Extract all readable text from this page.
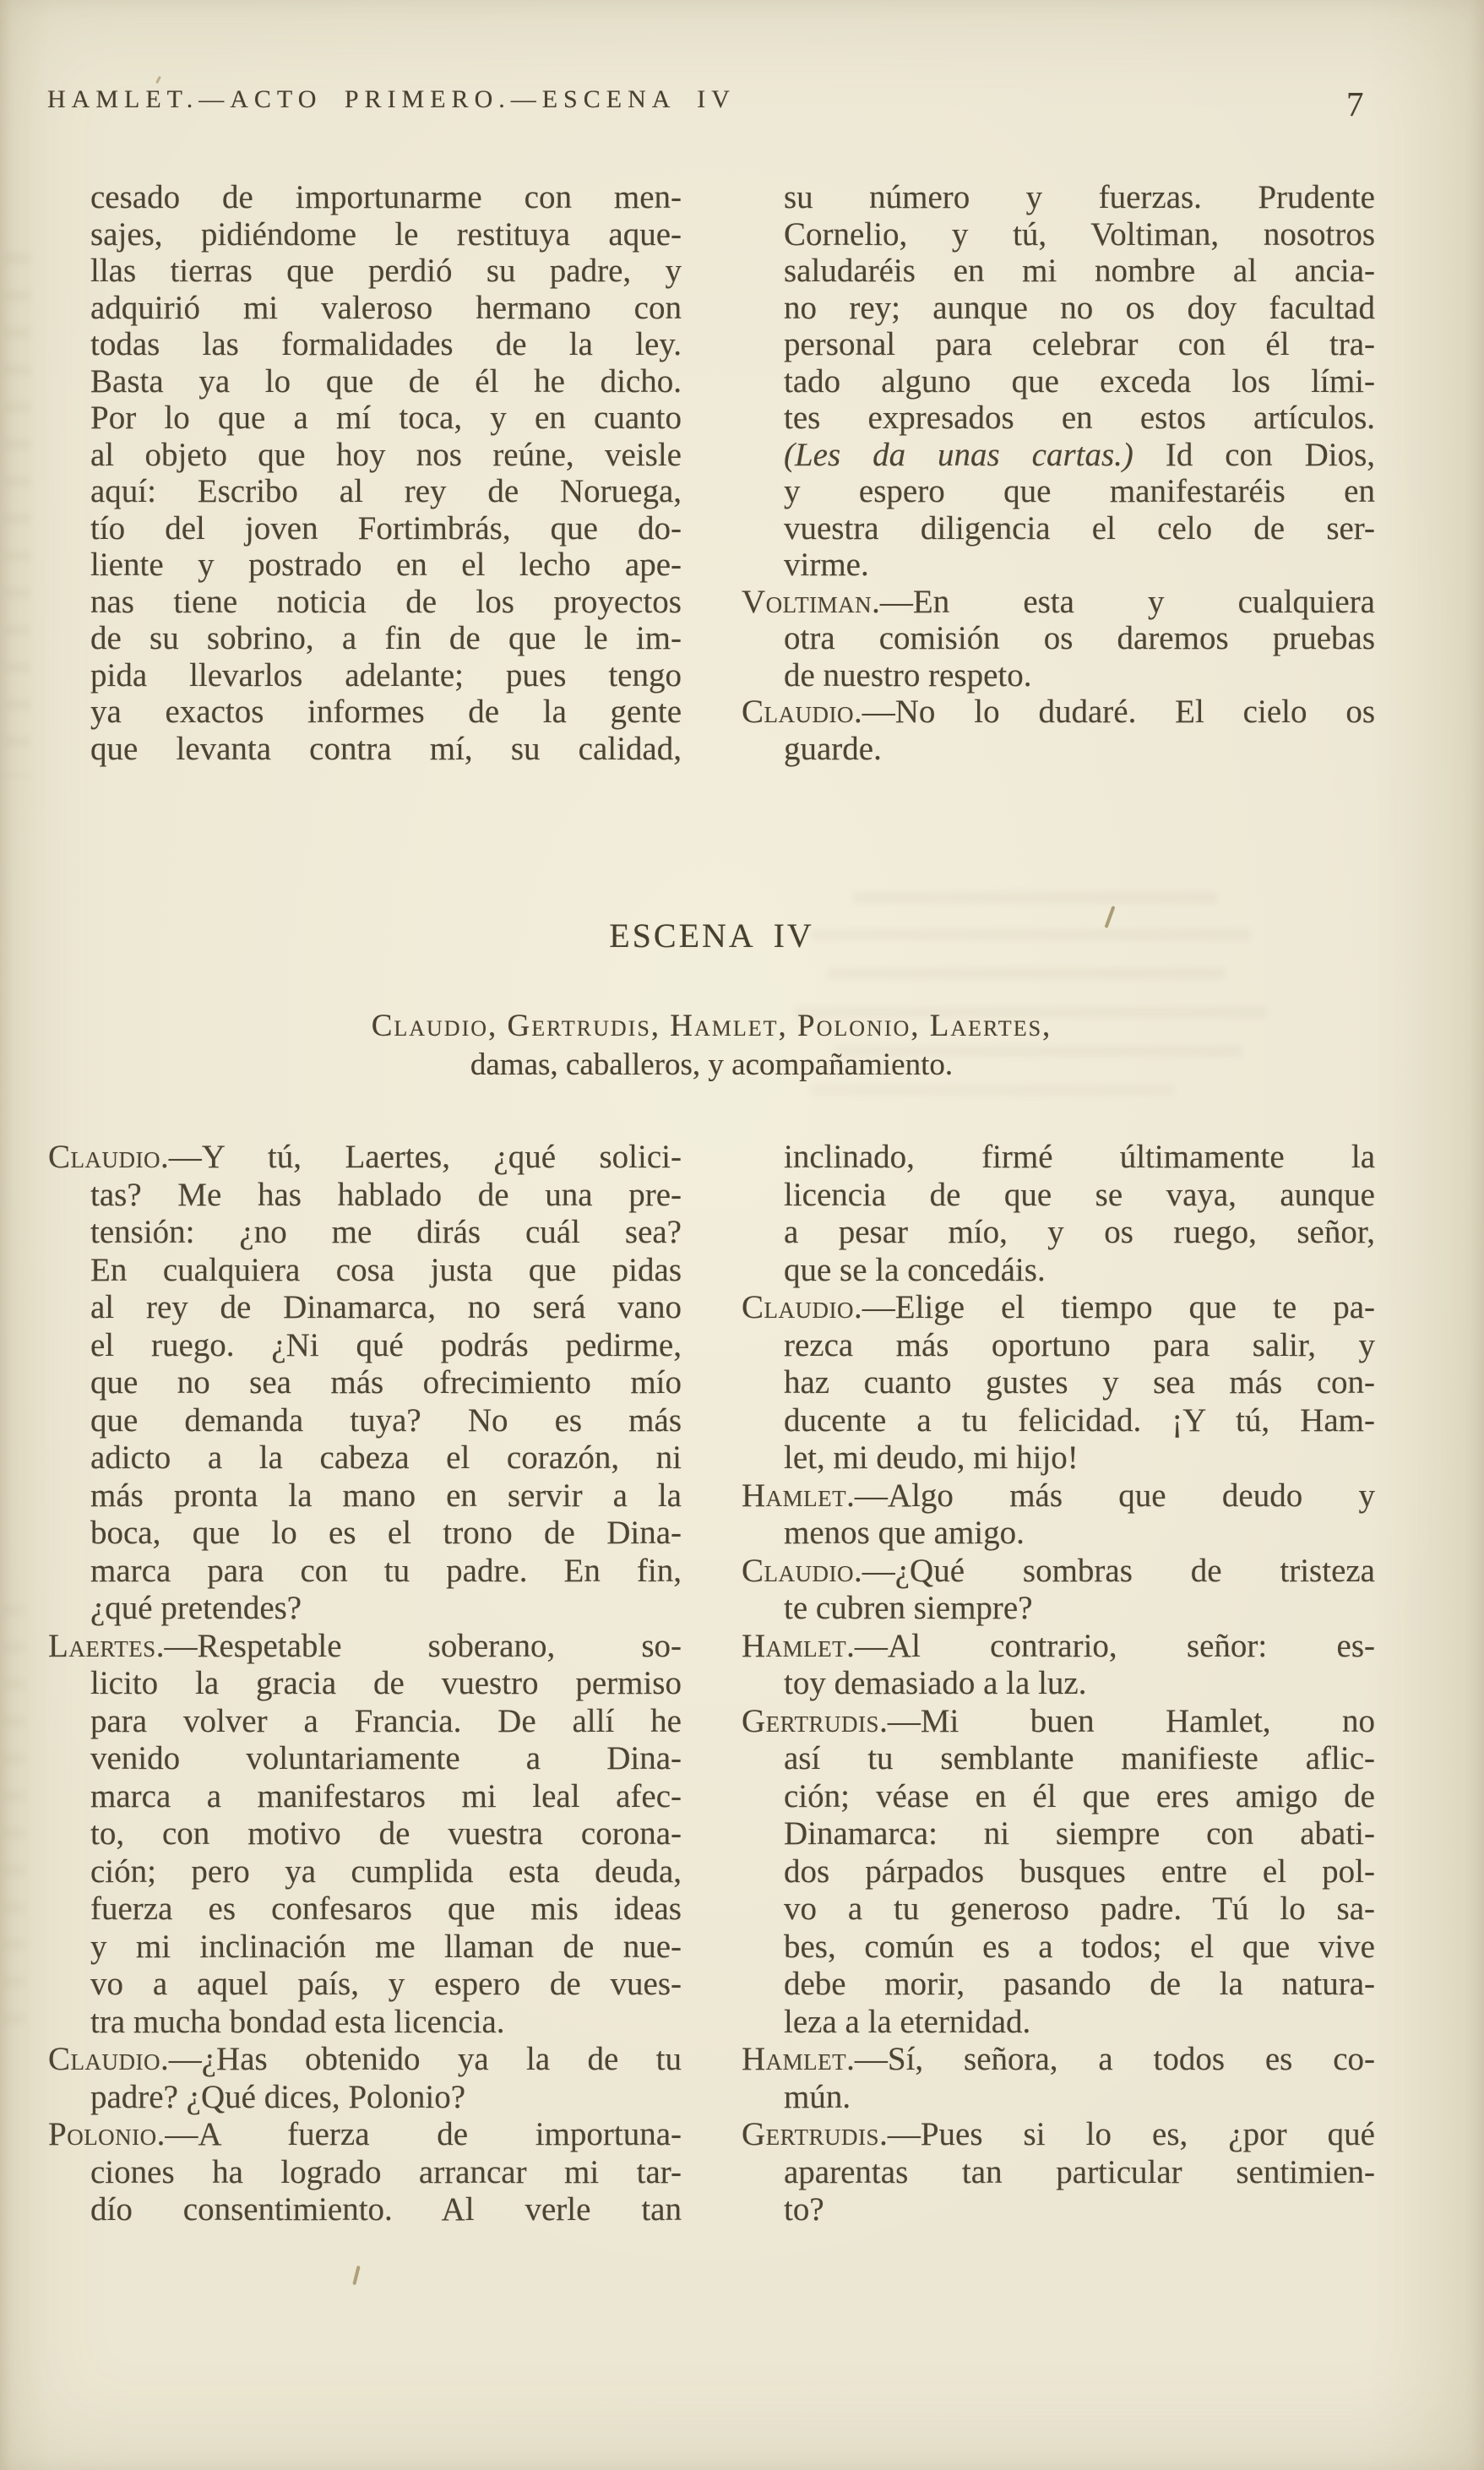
HAMLET.—ACTO PRIMERO.—ESCENA IV	7
cesado de importunarme con men-
sajes, pidiéndome le restituya aque-
llas tierras que perdió su padre, y
adquirió mi valeroso hermano con
todas las formalidades de la ley.
Basta ya lo que de él he dicho.
Por lo que a mí toca, y en cuanto
al objeto que hoy nos reúne, veisle
aquí: Escribo al rey de Noruega,
tío del joven Fortimbrás, que do-
liente y postrado en el lecho ape-
nas tiene noticia de los proyectos
de su sobrino, a fin de que le im-
pida llevarlos adelante; pues tengo
ya exactos informes de la gente
que levanta contra mí, su calidad,
su número y fuerzas. Prudente
Cornelio, y tú, Voltiman, nosotros
saludaréis en mi nombre al ancia-
no rey; aunque no os doy facultad
personal para celebrar con él tra-
tado alguno que exceda los lími-
tes expresados en estos artículos.
(Les da unas cartas.) Id con Dios,
y espero que manifestaréis en
vuestra diligencia el celo de ser-
virme.
Voltiman.—En esta y cualquiera
otra comisión os daremos pruebas
de nuestro respeto.
Claudio.—No lo dudaré. El cielo os
guarde.
ESCENA IV
Claudio, Gertrudis, Hamlet, Polonio, Laertes,
damas, caballeros, y acompañamiento.
Claudio.—Y tú, Laertes, ¿qué solici-
tas? Me has hablado de una pre-
tensión: ¿no me dirás cuál sea?
En cualquiera cosa justa que pidas
al rey de Dinamarca, no será vano
el ruego. ¿Ni qué podrás pedirme,
que no sea más ofrecimiento mío
que demanda tuya? No es más
adicto a la cabeza el corazón, ni
más pronta la mano en servir a la
boca, que lo es el trono de Dina-
marca para con tu padre. En fin,
¿qué pretendes?
Laertes.—Respetable soberano, so-
licito la gracia de vuestro permiso
para volver a Francia. De allí he
venido voluntariamente a Dina-
marca a manifestaros mi leal afec-
to, con motivo de vuestra corona-
ción; pero ya cumplida esta deuda,
fuerza es confesaros que mis ideas
y mi inclinación me llaman de nue-
vo a aquel país, y espero de vues-
tra mucha bondad esta licencia.
Claudio.—¿Has obtenido ya la de tu
padre? ¿Qué dices, Polonio?
Polonio.—A fuerza de importuna-
ciones ha logrado arrancar mi tar-
dío consentimiento. Al verle tan
inclinado, firmé últimamente la
licencia de que se vaya, aunque
a pesar mío, y os ruego, señor,
que se la concedáis.
Claudio.—Elige el tiempo que te pa-
rezca más oportuno para salir, y
haz cuanto gustes y sea más con-
ducente a tu felicidad. ¡Y tú, Ham-
let, mi deudo, mi hijo!
Hamlet.—Algo más que deudo y
menos que amigo.
Claudio.—¿Qué sombras de tristeza
te cubren siempre?
Hamlet.—Al contrario, señor: es-
toy demasiado a la luz.
Gertrudis.—Mi buen Hamlet, no
así tu semblante manifieste aflic-
ción; véase en él que eres amigo de
Dinamarca: ni siempre con abati-
dos párpados busques entre el pol-
vo a tu generoso padre. Tú lo sa-
bes, común es a todos; el que vive
debe morir, pasando de la natura-
leza a la eternidad.
Hamlet.—Sí, señora, a todos es co-
mún.
Gertrudis.—Pues si lo es, ¿por qué
aparentas tan particular sentimien-
to?
